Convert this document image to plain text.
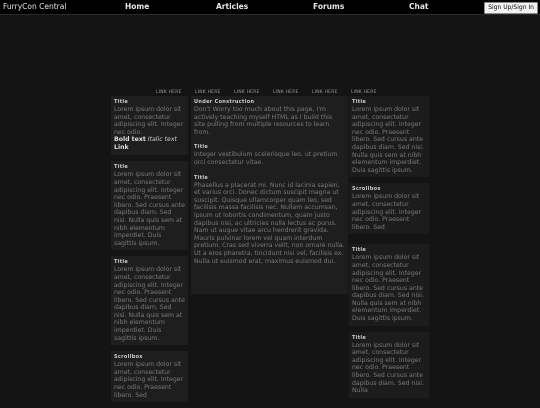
FurryCon Central	Home	Articles	Forums	Chat	Sign Up/Sign In
LINK HERE	LINK HERE	LINK HERE	LINK HERE	LINK HERE	LINK HERE
Title
Lorem ipsum dolor sit amet, consectetur adipiscing elit. Integer nec odio.
Bold text Italic text
Link
Title
Lorem ipsum dolor sit amet, consectetur adipiscing elit. Integer nec odio. Praesent libero. Sed cursus ante dapibus diam. Sed nisi. Nulla quis sem at nibh elementum imperdiet. Duis sagittis ipsum.
Title
Lorem ipsum dolor sit amet, consectetur adipiscing elit. Integer nec odio. Praesent libero. Sed cursus ante dapibus diam. Sed nisi. Nulla quis sem at nibh elementum imperdiet. Duis sagittis ipsum.
Scrollbox
Lorem ipsum dolor sit amet, consectetur adipiscing elit. Integer nec odio. Praesent libero. Sed
Under Construction
Don't Worry too much about this page, I'm actively teaching myself HTML as I build this site pulling from multiple resources to learn from.
Title
Integer vestibulum scelerisque leo, ut pretium orci consectetur vitae.
Title
Phasellus a placerat mi. Nunc id lacinia sapien, et varius orci. Donec dictum suscipit magna ut suscipit. Quisque ullamcorper quam leo, sed facilisis massa facilisis nec. Nullam accumsan, ipsum ut lobortis condimentum, quam justo dapibus nisi, ac ultricies nulla lectus ac purus. Nam ut augue vitae arcu hendrerit gravida. Mauris pulvinar lorem vel quam interdum pretium. Cras sed viverra velit, non ornare nulla. Ut a eros pharetra, tincidunt nisi vel, facilisis ex. Nulla ut euismod erat, maximus euismod dui.
Title
Lorem ipsum dolor sit amet, consectetur adipiscing elit. Integer nec odio. Praesent libero. Sed cursus ante dapibus diam. Sed nisi. Nulla quis sem at nibh elementum imperdiet. Duis sagittis ipsum.
Scrollbox
Lorem ipsum dolor sit amet, consectetur adipiscing elit. Integer nec odio. Praesent libero. Sed
Title
Lorem ipsum dolor sit amet, consectetur adipiscing elit. Integer nec odio. Praesent libero. Sed cursus ante dapibus diam. Sed nisi. Nulla quis sem at nibh elementum imperdiet. Duis sagittis ipsum.
Title
Lorem ipsum dolor sit amet, consectetur adipiscing elit. Integer nec odio. Praesent libero. Sed cursus ante dapibus diam. Sed nisi. Nulla
